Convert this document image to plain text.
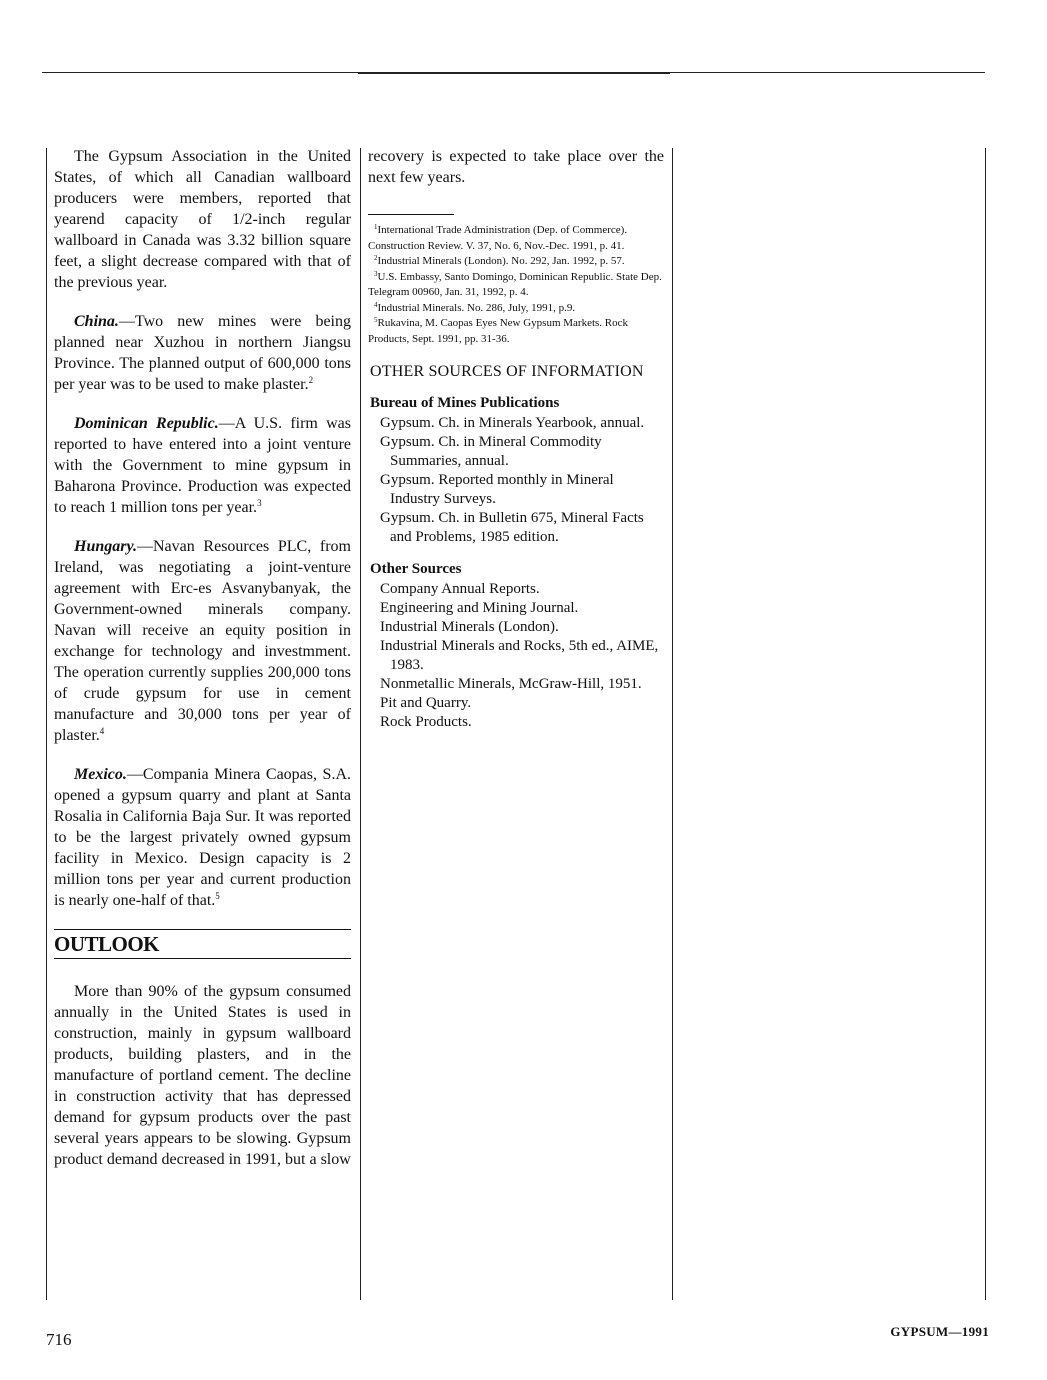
The Gypsum Association in the United States, of which all Canadian wallboard producers were members, reported that yearend capacity of 1/2-inch regular wallboard in Canada was 3.32 billion square feet, a slight decrease compared with that of the previous year.

China.—Two new mines were being planned near Xuzhou in northern Jiangsu Province. The planned output of 600,000 tons per year was to be used to make plaster.$^2$

Dominican Republic.—A U.S. firm was reported to have entered into a joint venture with the Government to mine gypsum in Baharona Province. Production was expected to reach 1 million tons per year.$^3$

Hungary.—Navan Resources PLC, from Ireland, was negotiating a joint-venture agreement with Erc-es Asvanybanyak, the Government-owned minerals company. Navan will receive an equity position in exchange for technology and investmment. The operation currently supplies 200,000 tons of crude gypsum for use in cement manufacture and 30,000 tons per year of plaster.$^4$

Mexico.—Compania Minera Caopas, S.A. opened a gypsum quarry and plant at Santa Rosalia in California Baja Sur. It was reported to be the largest privately owned gypsum facility in Mexico. Design capacity is 2 million tons per year and current production is nearly one-half of that.$^5$

OUTLOOK

More than 90% of the gypsum consumed annually in the United States is used in construction, mainly in gypsum wallboard products, building plasters, and in the manufacture of portland cement. The decline in construction activity that has depressed demand for gypsum products over the past several years appears to be slowing. Gypsum product demand decreased in 1991, but a slow

recovery is expected to take place over the next few years.

$^1$International Trade Administration (Dep. of Commerce). Construction Review. V. 37, No. 6, Nov.-Dec. 1991, p. 41.

$^2$Industrial Minerals (London). No. 292, Jan. 1992, p. 57.

$^3$U.S. Embassy, Santo Domingo, Dominican Republic. State Dep. Telegram 00960, Jan. 31, 1992, p. 4.

$^4$Industrial Minerals. No. 286, July, 1991, p.9.

$^5$Rukavina, M. Caopas Eyes New Gypsum Markets. Rock Products, Sept. 1991, pp. 31-36.

OTHER SOURCES OF INFORMATION
Bureau of Mines Publications
Gypsum. Ch. in Minerals Yearbook, annual.
Gypsum. Ch. in Mineral Commodity Summaries, annual.
Gypsum. Reported monthly in Mineral Industry Surveys.
Gypsum. Ch. in Bulletin 675, Mineral Facts and Problems, 1985 edition.
Other Sources
Company Annual Reports.
Engineering and Mining Journal.
Industrial Minerals (London).
Industrial Minerals and Rocks, 5th ed., AIME, 1983.
Nonmetallic Minerals, McGraw-Hill, 1951.
Pit and Quarry.
Rock Products.
716	GYPSUM—1991
